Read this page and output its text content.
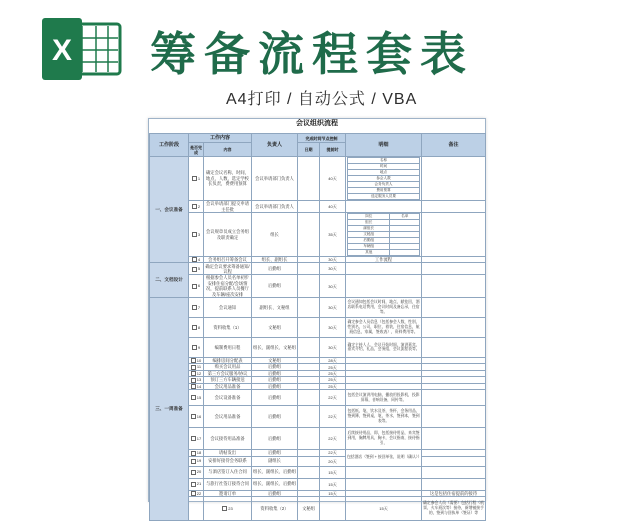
X 筹备流程套表
A4打印 / 自动公式 / VBA
会议组织流程
工作阶段	工作内容	负责人	完成时间节点控制	明细	备注
是否完成	内容	日期	提前时

一、会议准备	1	确定会议名称，时间，地点，人数，选定学校长负责，费费用预算	会议举请部门负责人		40天	
名称
时间
地点
参会人数
会务负责人
费用预算
选定服务人员要

2	会议举请部门提交申请主任批	会议举请部门负责人		40天		
3	会议规章员成立会务组及职责确定	组长		35天	
岗位	名单
组长	
副组长	
文秘组	
后勤组	
车辆组	
其他	

4	会务组召开筹备会议	组长、副组长		30天	工作流程	
二、文档设计	5	确定会议要求筹备通知/议程	后勤组		30天		
6	根据参会人员名单初步安排住宿分配/会场情况，提前联系人员餐厅及车辆/座次安排	后勤组		30天		
三、一周准备	7	会议通知	副组长、文秘组		30天	会议通知包括会议时间，地点，献挂回，酒店联系电话费用，会议时间及备忘录，住宿等。	
8	资料收集（1）	文秘组		30天	确定参会人员信息（包括参会人数，性别，性别名，公司，职位，着装，住宿信息，航班信息，家属，签收表），资料费用等。	
9	编制费用日程	组长、副组长、文秘组		30天	确定主持人人，会议开始时间，演讲嘉宾，嘉宾介绍，礼品，会务组，会议流程表等。	
10	编排房间分配表	文秘组		28天		
11	购买会议用品	后勤组		25天		
12	第三方会议服务/协议	后勤组		25天		
13	预订三方车辆接送	后勤组		25天		
14	会议用品准备	后勤组		25天		
15	会议设备准备	后勤组		22天	包括会议演讲用电脑，播放用投影机，投影屏幕，音响设备，同传等。	
16	会议用品准备	后勤组		22天	包括纸，笔，饮水及茶，茶杯，会务用品，签到簿，签到桌，笔，茶水，签到本，签到表等。	
17	会议接待用品准备	后勤组		22天	后续接待用品，即，包括接待用品，来宾签到用，胸牌用具，胸卡，会议指南，接待指引，	
18	请帖发出	后勤组		22天	包括酒店（签到 + 接回单张，说明（确认））	
19	安排好接待会务联系	副组长		20天	
20	与酒店签订入住合同	组长、副组长、后勤组		15天		
21	与旅行社签订接待合同	组长、副组长、后勤组		15天		
22	邀请订单	后勤组		15天		这是包括住宿提前的接待
	23	资料收集（2）	文秘组		15天	确定参会人员（需要）包括行程（机票，火车班次等）接待，新增被接手的，签到与回执单（签证）等	
